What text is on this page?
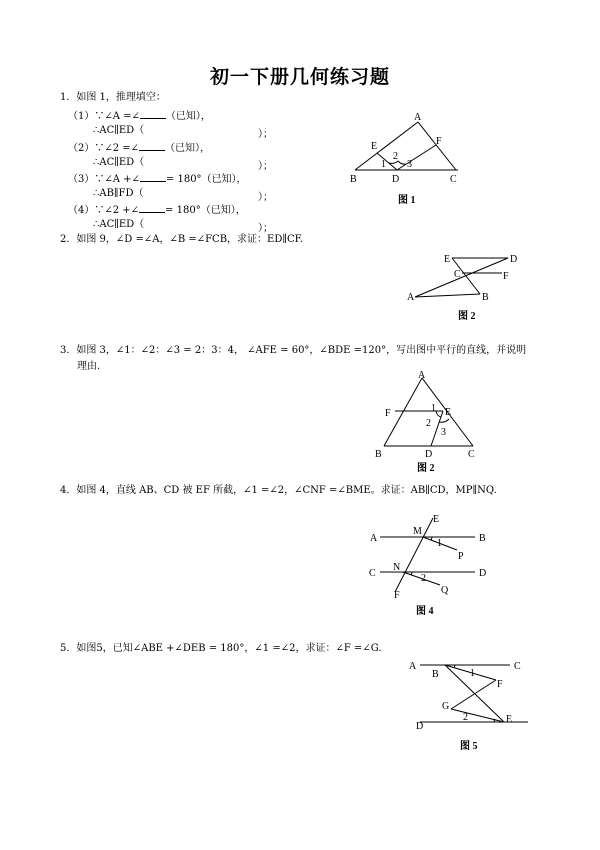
初一下册几何练习题
1．如图 1，推理填空：
（1）∵∠A =∠	（已知），
∴AC∥ED（	）；
（2）∵∠2 =∠	（已知），
∴AC∥ED（	）；
（3）∵∠A +∠	= 180°（已知），
∴AB∥FD（	）；
（4）∵∠2 +∠	= 180°（已知），
∴AC∥ED（	）；
A
B	C
D
E	F
1
2
3
图 1
2．如图 9，∠D =∠A，∠B =∠FCB，求证：ED∥CF.
E	D
C	F
A	B
图 2
3．如图 3，∠1：∠2：∠3 = 2：3：4， ∠AFE = 60°，∠BDE =120°，写出图中平行的直线，并说明
理由.
A
B	C
D
E
F	1
2
3
图 2
4．如图 4，直线 AB、CD 被 EF 所截，∠1 =∠2，∠CNF =∠BME。求证：AB∥CD，MP∥NQ.
A	B
C	D
E
F
M
N
P
Q
1
2
图 4
5．如图5，已知∠ABE +∠DEB = 180°，∠1 =∠2，求证：∠F =∠G.
A	C
B
F
G
D
E
1
2
图 5
